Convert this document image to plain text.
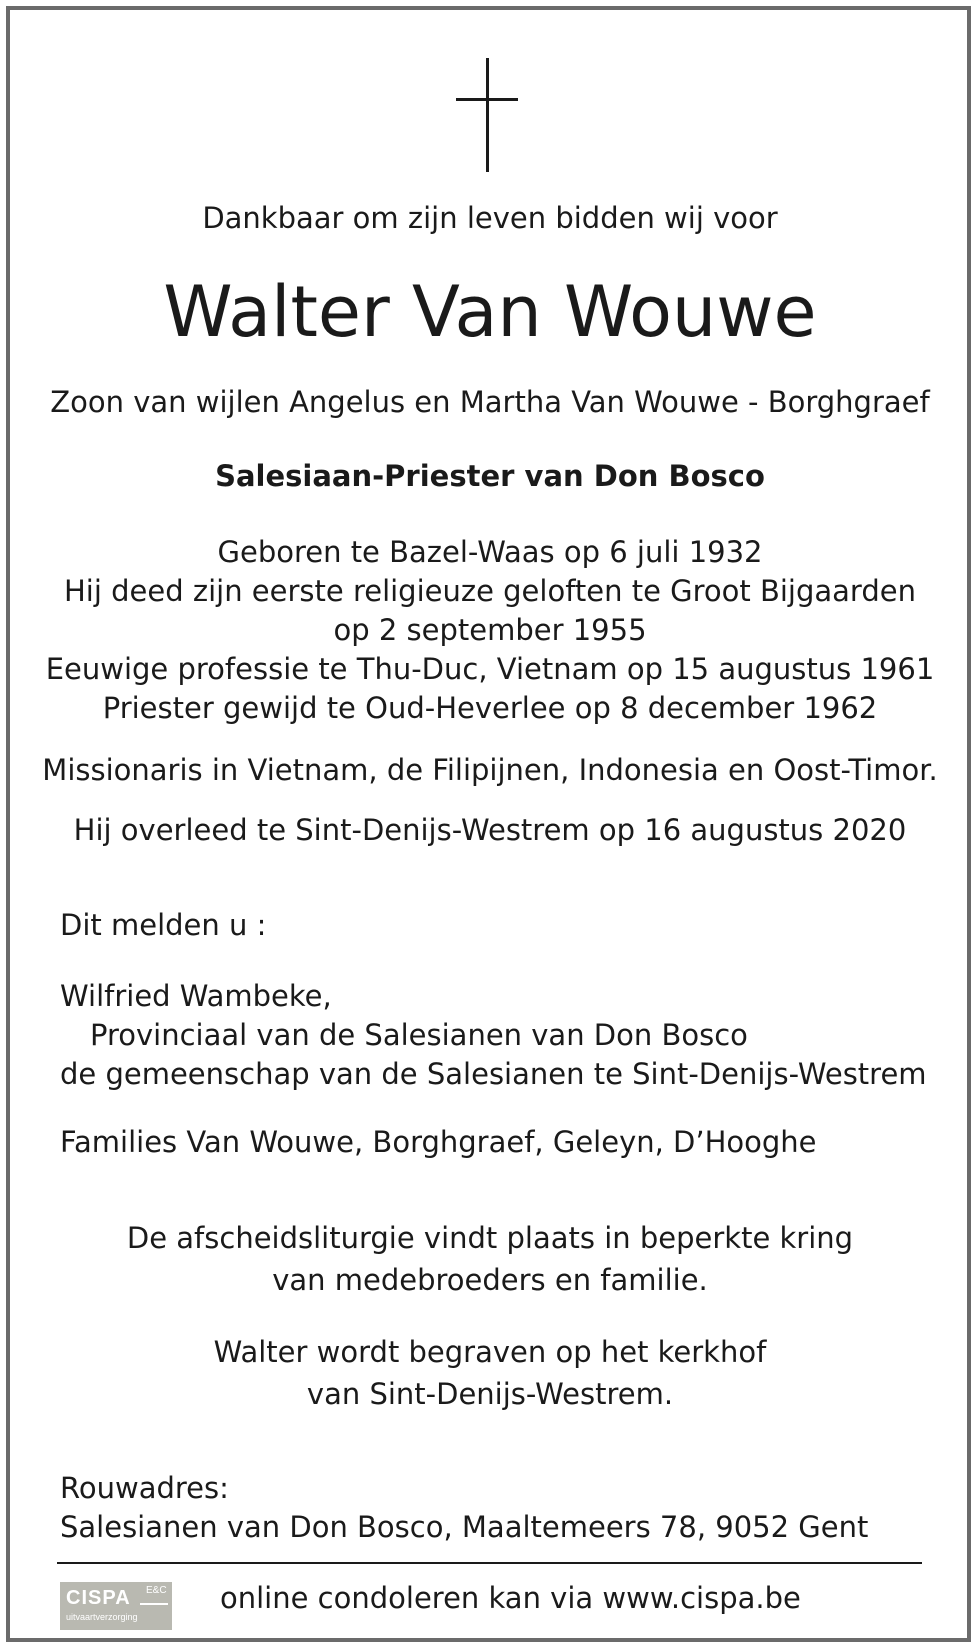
Dankbaar om zijn leven bidden wij voor
Walter Van Wouwe
Zoon van wijlen Angelus en Martha Van Wouwe - Borghgraef
Salesiaan-Priester van Don Bosco
Geboren te Bazel-Waas op 6 juli 1932
Hij deed zijn eerste religieuze geloften te Groot Bijgaarden
op 2 september 1955
Eeuwige professie te Thu-Duc, Vietnam op 15 augustus 1961
Priester gewijd te Oud-Heverlee op 8 december 1962
Missionaris in Vietnam, de Filipijnen, Indonesia en Oost-Timor.
Hij overleed te Sint-Denijs-Westrem op 16 augustus 2020
Dit melden u :
Wilfried Wambeke,
Provinciaal van de Salesianen van Don Bosco
de gemeenschap van de Salesianen te Sint-Denijs-Westrem
Families Van Wouwe, Borghgraef, Geleyn, D’Hooghe
De afscheidsliturgie vindt plaats in beperkte kring
van medebroeders en familie.
Walter wordt begraven op het kerkhof
van Sint-Denijs-Westrem.
Rouwadres:
Salesianen van Don Bosco, Maaltemeers 78, 9052 Gent
CISPA E&C
uitvaartverzorging
online condoleren kan via www.cispa.be
